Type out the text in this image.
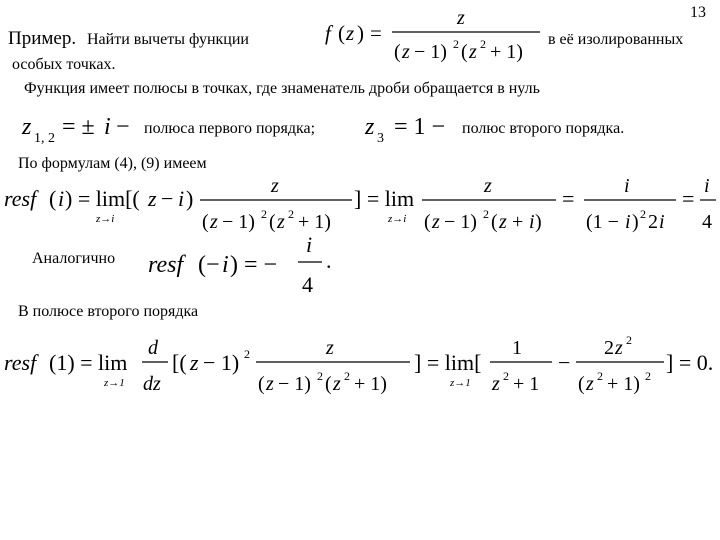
13
Пример. Найти вычеты функции	в её изолированных
особых точках.
Функция имеет полюсы в точках, где знаменатель дроби обращается в нуль
полюса первого порядка;	полюс второго порядка.
По формулам (4), (9) имеем
Аналогично
В полюсе второго порядка
f ( z ) =
z
( z − 1) 2 ( z 2 + 1)
z 1, 2 = ± i −	z 3 = 1 −
resf ( i ) = lim[( z − i )
z→i
z
( z − 1) 2 ( z 2 + 1)
] = lim
z→i
z
( z − 1) 2 ( z + i )
= i
(1 − i ) 2 2 i
= i
4
resf (− i ) = −
i
4
.
resf (1) = lim
z→1
d
dz
[( z − 1) 2	z
( z − 1) 2 ( z 2 + 1)
] = lim[
z→1
1
z 2 + 1
−
2 z 2
( z 2 + 1) 2
] = 0.
